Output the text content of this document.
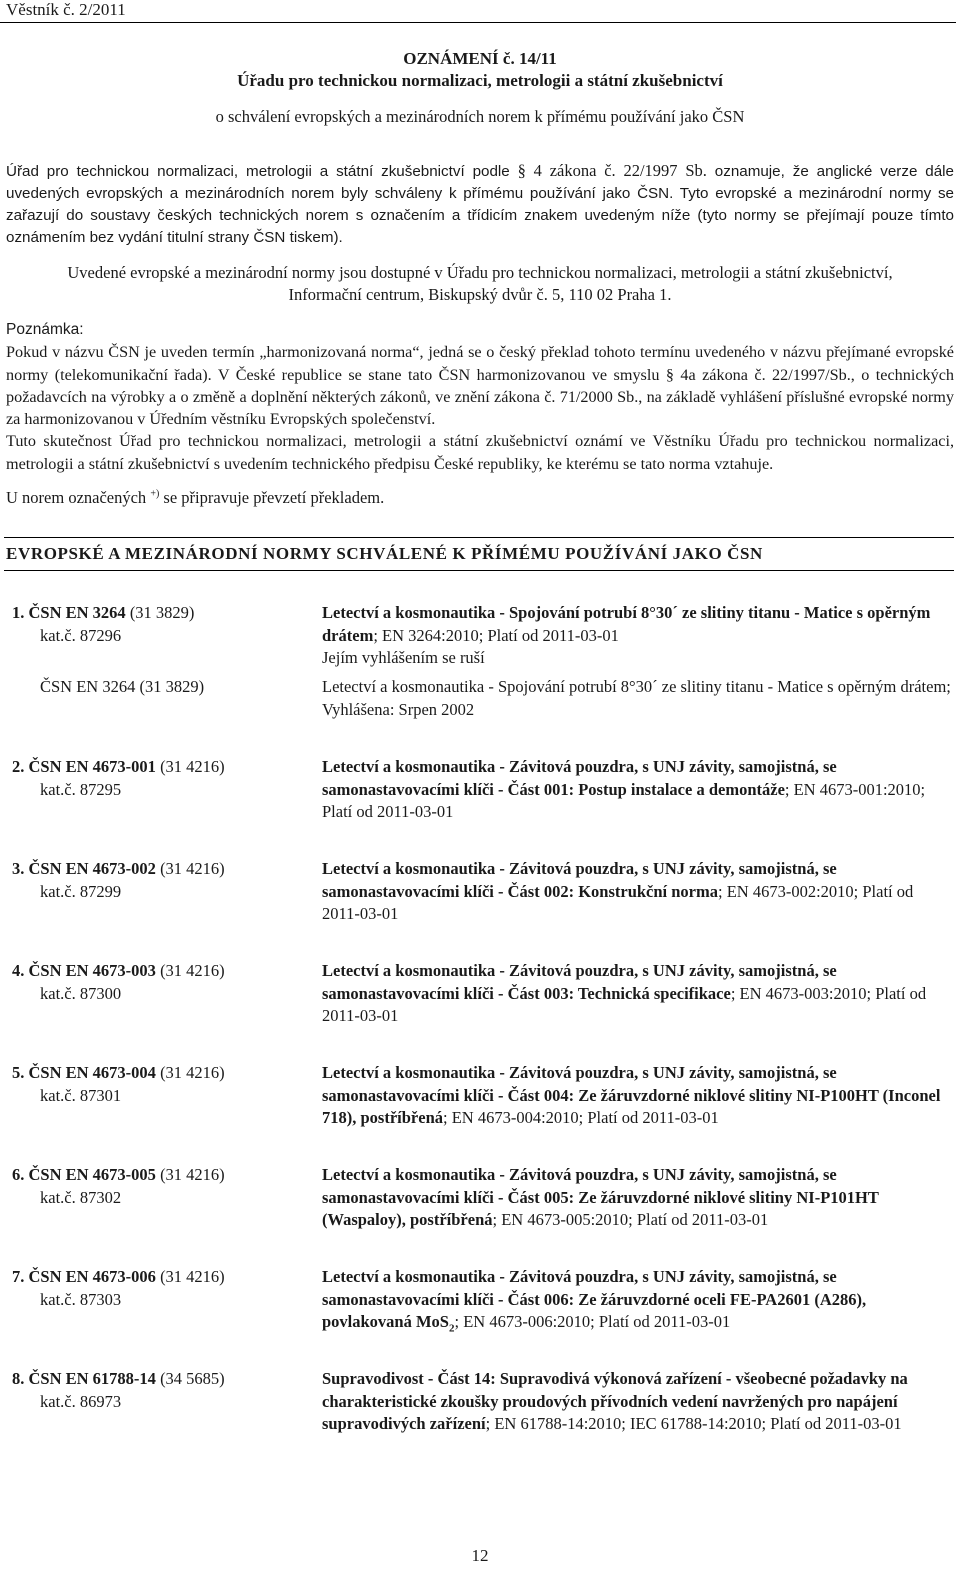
Věstník č. 2/2011
OZNÁMENÍ č. 14/11
Úřadu pro technickou normalizaci, metrologii a státní zkušebnictví
o schválení evropských a mezinárodních norem k přímému používání jako ČSN
Úřad pro technickou normalizaci, metrologii a státní zkušebnictví podle § 4 zákona č. 22/1997 Sb. oznamuje, že anglické verze dále uvedených evropských a mezinárodních norem byly schváleny k přímému používání jako ČSN. Tyto evropské a mezinárodní normy se zařazují do soustavy českých technických norem s označením a třídicím znakem uvedeným níže (tyto normy se přejímají pouze tímto oznámením bez vydání titulní strany ČSN tiskem).
Uvedené evropské a mezinárodní normy jsou dostupné v Úřadu pro technickou normalizaci, metrologii a státní zkušebnictví,
Informační centrum, Biskupský dvůr č. 5, 110 02 Praha 1.
Poznámka:
Pokud v názvu ČSN je uveden termín „harmonizovaná norma“, jedná se o český překlad tohoto termínu uvedeného v názvu přejímané evropské normy (telekomunikační řada). V České republice se stane tato ČSN harmonizovanou ve smyslu § 4a zákona č. 22/1997/Sb., o technických požadavcích na výrobky a o změně a doplnění některých zákonů, ve znění zákona č. 71/2000 Sb., na základě vyhlášení příslušné evropské normy za harmonizovanou v Úředním věstníku Evropských společenství.
Tuto skutečnost Úřad pro technickou normalizaci, metrologii a státní zkušebnictví oznámí ve Věstníku Úřadu pro technickou normalizaci, metrologii a státní zkušebnictví s uvedením technického předpisu České republiky, ke kterému se tato norma vztahuje.
U norem označených +) se připravuje převzetí překladem.
EVROPSKÉ A MEZINÁRODNÍ NORMY SCHVÁLENÉ K PŘÍMÉMU POUŽÍVÁNÍ JAKO ČSN
1. ČSN EN 3264 (31 3829)
kat.č. 87296
Letectví a kosmonautika - Spojování potrubí 8°30´ ze slitiny titanu - Matice s opěrným drátem; EN 3264:2010; Platí od 2011-03-01
Jejím vyhlášením se ruší
ČSN EN 3264 (31 3829)	Letectví a kosmonautika - Spojování potrubí 8°30´ ze slitiny titanu - Matice s opěrným drátem; Vyhlášena: Srpen 2002
2. ČSN EN 4673-001 (31 4216)
kat.č. 87295
Letectví a kosmonautika - Závitová pouzdra, s UNJ závity, samojistná, se samonastavovacími klíči - Část 001: Postup instalace a demontáže; EN 4673-001:2010; Platí od 2011-03-01
3. ČSN EN 4673-002 (31 4216)
kat.č. 87299
Letectví a kosmonautika - Závitová pouzdra, s UNJ závity, samojistná, se samonastavovacími klíči - Část 002: Konstrukční norma; EN 4673-002:2010; Platí od 2011-03-01
4. ČSN EN 4673-003 (31 4216)
kat.č. 87300
Letectví a kosmonautika - Závitová pouzdra, s UNJ závity, samojistná, se samonastavovacími klíči - Část 003: Technická specifikace; EN 4673-003:2010; Platí od 2011-03-01
5. ČSN EN 4673-004 (31 4216)
kat.č. 87301
Letectví a kosmonautika - Závitová pouzdra, s UNJ závity, samojistná, se samonastavovacími klíči - Část 004: Ze žáruvzdorné niklové slitiny NI-P100HT (Inconel 718), postříbřená; EN 4673-004:2010; Platí od 2011-03-01
6. ČSN EN 4673-005 (31 4216)
kat.č. 87302
Letectví a kosmonautika - Závitová pouzdra, s UNJ závity, samojistná, se samonastavovacími klíči - Část 005: Ze žáruvzdorné niklové slitiny NI-P101HT (Waspaloy), postříbřená; EN 4673-005:2010; Platí od 2011-03-01
7. ČSN EN 4673-006 (31 4216)
kat.č. 87303
Letectví a kosmonautika - Závitová pouzdra, s UNJ závity, samojistná, se samonastavovacími klíči - Část 006: Ze žáruvzdorné oceli FE-PA2601 (A286), povlakovaná MoS$_2$; EN 4673-006:2010; Platí od 2011-03-01
8. ČSN EN 61788-14 (34 5685)
kat.č. 86973
Supravodivost - Část 14: Supravodivá výkonová zařízení - všeobecné požadavky na charakteristické zkoušky proudových přívodních vedení navržených pro napájení supravodivých zařízení; EN 61788-14:2010; IEC 61788-14:2010; Platí od 2011-03-01
12
